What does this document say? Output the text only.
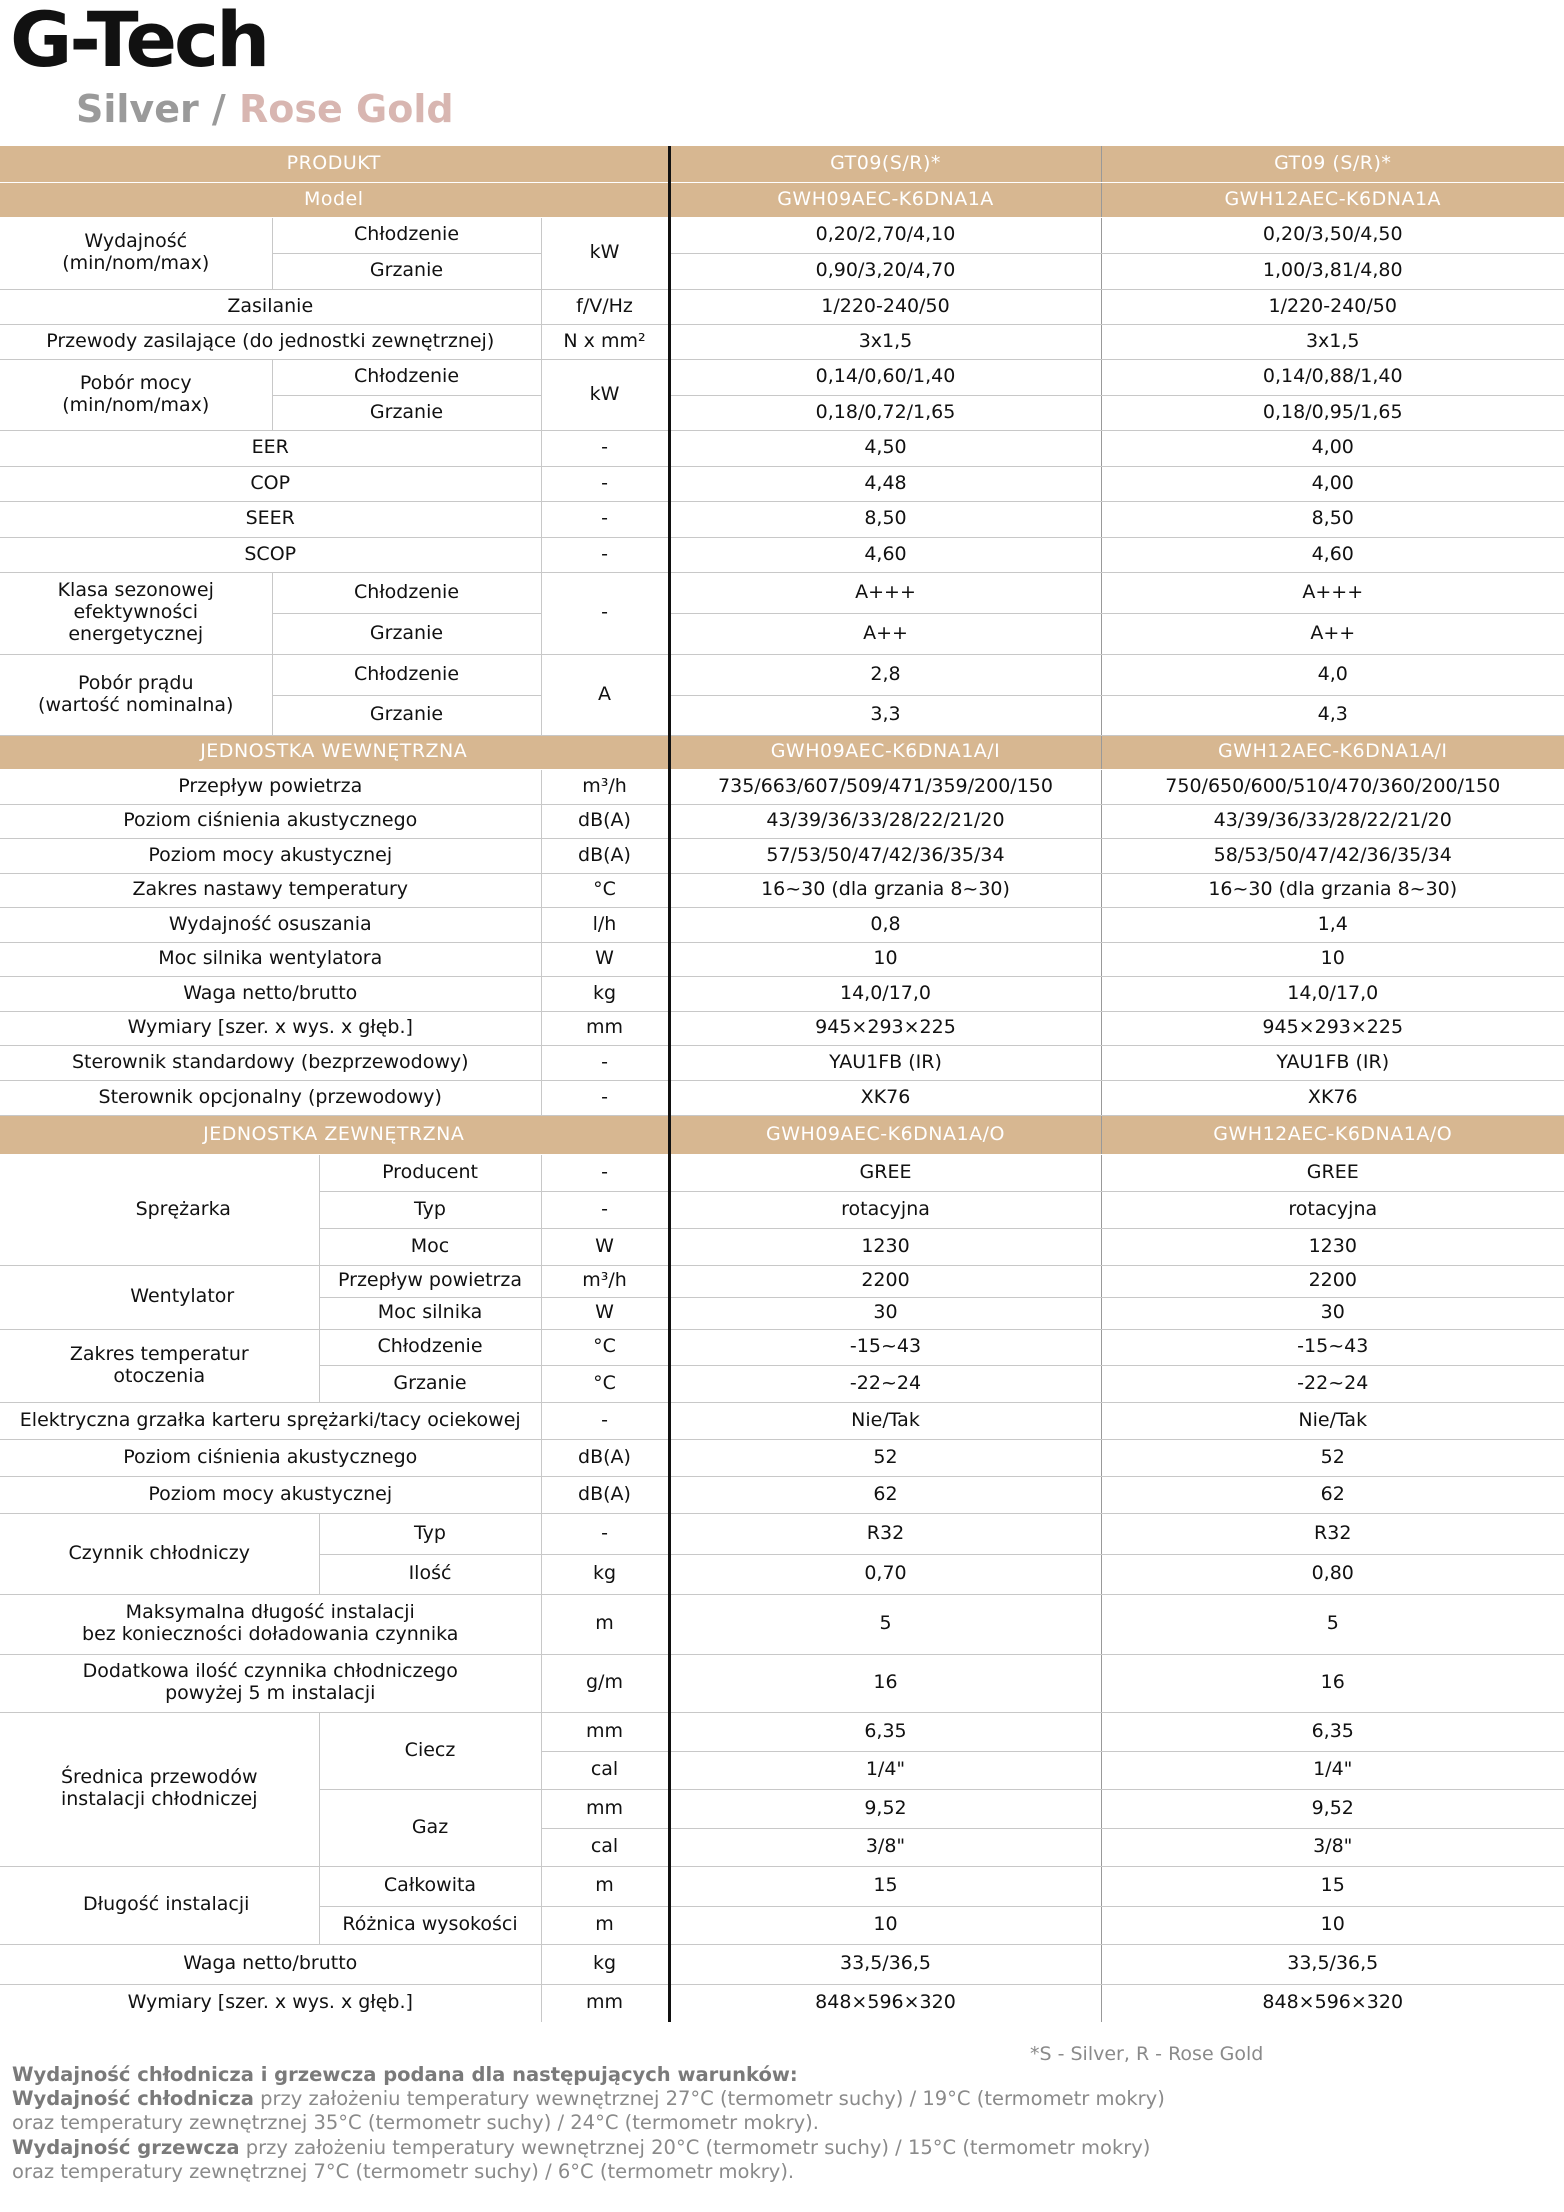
G-Tech
Silver / Rose Gold
PRODUKT				GT09(S/R)*	GT09 (S/R)*
Model				GWH09AEC-K6DNA1A	GWH12AEC-K6DNA1A
Wydajność
(min/nom/max)	Chłodzenie		kW	0,20/2,70/4,10	0,20/3,50/4,50
	Grzanie			0,90/3,20/4,70	1,00/3,81/4,80
Zasilanie			f/V/Hz	1/220-240/50	1/220-240/50
Przewody zasilające (do jednostki zewnętrznej)			N x mm²	3x1,5	3x1,5
Pobór mocy
(min/nom/max)	Chłodzenie		kW	0,14/0,60/1,40	0,14/0,88/1,40
	Grzanie			0,18/0,72/1,65	0,18/0,95/1,65
EER			-	4,50	4,00
COP			-	4,48	4,00
SEER			-	8,50	8,50
SCOP			-	4,60	4,60
Klasa sezonowej
efektywności
energetycznej	Chłodzenie		-	A+++	A+++
	Grzanie			A++	A++
Pobór prądu
(wartość nominalna)	Chłodzenie		A	2,8	4,0
	Grzanie			3,3	4,3
JEDNOSTKA WEWNĘTRZNA				GWH09AEC-K6DNA1A/I	GWH12AEC-K6DNA1A/I
Przepływ powietrza			m³/h	735/663/607/509/471/359/200/150	750/650/600/510/470/360/200/150
Poziom ciśnienia akustycznego			dB(A)	43/39/36/33/28/22/21/20	43/39/36/33/28/22/21/20
Poziom mocy akustycznej			dB(A)	57/53/50/47/42/36/35/34	58/53/50/47/42/36/35/34
Zakres nastawy temperatury			°C	16~30 (dla grzania 8~30)	16~30 (dla grzania 8~30)
Wydajność osuszania			l/h	0,8	1,4
Moc silnika wentylatora			W	10	10
Waga netto/brutto			kg	14,0/17,0	14,0/17,0
Wymiary [szer. x wys. x głęb.]			mm	945×293×225	945×293×225
Sterownik standardowy (bezprzewodowy)			-	YAU1FB (IR)	YAU1FB (IR)
Sterownik opcjonalny (przewodowy)			-	XK76	XK76
JEDNOSTKA ZEWNĘTRZNA				GWH09AEC-K6DNA1A/O	GWH12AEC-K6DNA1A/O
Sprężarka		Producent	-	GREE	GREE
		Typ	-	rotacyjna	rotacyjna
		Moc	W	1230	1230
Wentylator		Przepływ powietrza	m³/h	2200	2200
		Moc silnika	W	30	30
Zakres temperatur
otoczenia		Chłodzenie	°C	-15~43	-15~43
		Grzanie	°C	-22~24	-22~24
Elektryczna grzałka karteru sprężarki/tacy ociekowej			-	Nie/Tak	Nie/Tak
Poziom ciśnienia akustycznego			dB(A)	52	52
Poziom mocy akustycznej			dB(A)	62	62
Czynnik chłodniczy		Typ	-	R32	R32
		Ilość	kg	0,70	0,80
Maksymalna długość instalacji
bez konieczności doładowania czynnika			m	5	5
Dodatkowa ilość czynnika chłodniczego
powyżej 5 m instalacji			g/m	16	16
Średnica przewodów
instalacji chłodniczej		Ciecz	mm	6,35	6,35
			cal	1/4"	1/4"
		Gaz	mm	9,52	9,52
			cal	3/8"	3/8"
Długość instalacji		Całkowita	m	15	15
		Różnica wysokości	m	10	10
Waga netto/brutto			kg	33,5/36,5	33,5/36,5
Wymiary [szer. x wys. x głęb.]			mm	848×596×320	848×596×320
*S - Silver, R - Rose Gold
Wydajność chłodnicza i grzewcza podana dla następujących warunków:
Wydajność chłodnicza przy założeniu temperatury wewnętrznej 27°C (termometr suchy) / 19°C (termometr mokry)
oraz temperatury zewnętrznej 35°C (termometr suchy) / 24°C (termometr mokry).
Wydajność grzewcza przy założeniu temperatury wewnętrznej 20°C (termometr suchy) / 15°C (termometr mokry)
oraz temperatury zewnętrznej 7°C (termometr suchy) / 6°C (termometr mokry).
